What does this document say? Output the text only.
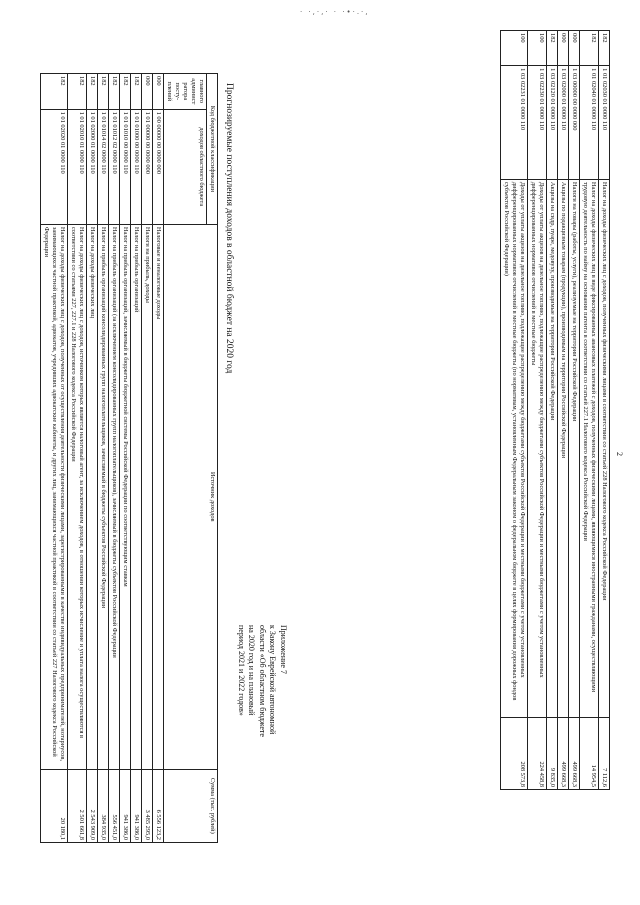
· ·,·,· · ·•·.·,
Приложение 7
к Закону Еврейской автономной
области «Об областном бюджете
на 2020 год и на плановый
период 2021 и 2022 годов»
Прогнозируемые поступления доходов в областной бюджет на 2020 год
Код бюджетной классификации		Источник доходов	Сумма (тыс. рублей)
главного админист ратора посту- плений	доходов областного бюджета		
000	1 00 00000 00 0000 000	Налоговые и неналоговые доходы	6 556 123,2
000	1 01 00000 00 0000 000	Налоги на прибыль, доходы	3 485 295,0
182	1 01 01000 00 0000 110	Налог на прибыль организаций	941 386,0
182	1 01 01010 00 0000 110	Налог на прибыль организаций, зачисляемый в бюджеты бюджетной системы Российской Федерации по соответствующим ставкам	941 386,0
182	1 01 01012 02 0000 110	Налог на прибыль организаций (за исключением консолидированных групп налогоплательщиков), зачисляемый в бюджеты субъектов Российской Федерации	556 451,0
182	1 01 01014 02 0000 110	Налог на прибыль организаций консолидированных групп налогоплательщиков, зачисляемый в бюджеты субъектов Российской Федерации	384 935,0
182	1 01 02000 01 0000 110	Налог на доходы физических лиц	2 543 909,0
182	1 01 02010 01 0000 110	Налог на доходы физических лиц с доходов, источником которых является налоговый агент, за исключением доходов, в отношении которых исчисление и уплата налога осуществляются в соответствии со статьями 227, 227.1 и 228 Налогового кодекса Российской Федерации	2 501 661,8
182	1 01 02020 01 0000 110	Налог на доходы физических лиц с доходов, полученных от осуществления деятельности физическими лицами, зарегистрированными в качестве индивидуальных предпринимателей, нотариусов, занимающихся частной практикой, адвокатов, учредивших адвокатские кабинеты, и других лиц, занимающихся частной практикой в соответствии со статьей 227 Налогового кодекса Российской Федерации	20 180,1
2
182	1 01 02030 01 0000 110	Налог на доходы физических лиц с доходов, полученных физическими лицами в соответствии со статьей 228 Налогового кодекса Российской Федерации	7 112,6
182	1 01 02040 01 0000 110	Налог на доходы физических лиц в виде фиксированных авансовых платежей с доходов, полученных физическими лицами, являющимися иностранными гражданами, осуществляющими трудовую деятельность по найму на основании патента в соответствии со статьей 227.1 Налогового кодекса Российской Федерации	14 954,5
000	1 03 00000 00 0000 000	Налоги на товары (работы, услуги), реализуемые на территории Российской Федерации	499 668,3
000	1 03 02000 01 0000 110	Акцизы по подакцизным товарам (продукции), производимым на территории Российской Федерации	499 668,3
182	1 03 02120 01 0000 110	Акцизы на сидр, пуаре, медовуху, производимые на территории Российской Федерации	9 835,0
100	1 03 02230 01 0000 110	Доходы от уплаты акцизов на дизельное топливо, подлежащие распределению между бюджетами субъектов Российской Федерации и местными бюджетами с учетом установленных дифференцированных нормативов отчислений в местные бюджеты	224 458,8
100	1 03 02231 01 0000 110	Доходы от уплаты акцизов на дизельное топливо, подлежащие распределению между бюджетами субъектов Российской Федерации и местными бюджетами с учетом установленных дифференцированных нормативов отчислений в местные бюджеты (по нормативам, установленным Федеральным законом о федеральном бюджете в целях формирования дорожных фондов субъектов Российской Федерации)	208 573,8
